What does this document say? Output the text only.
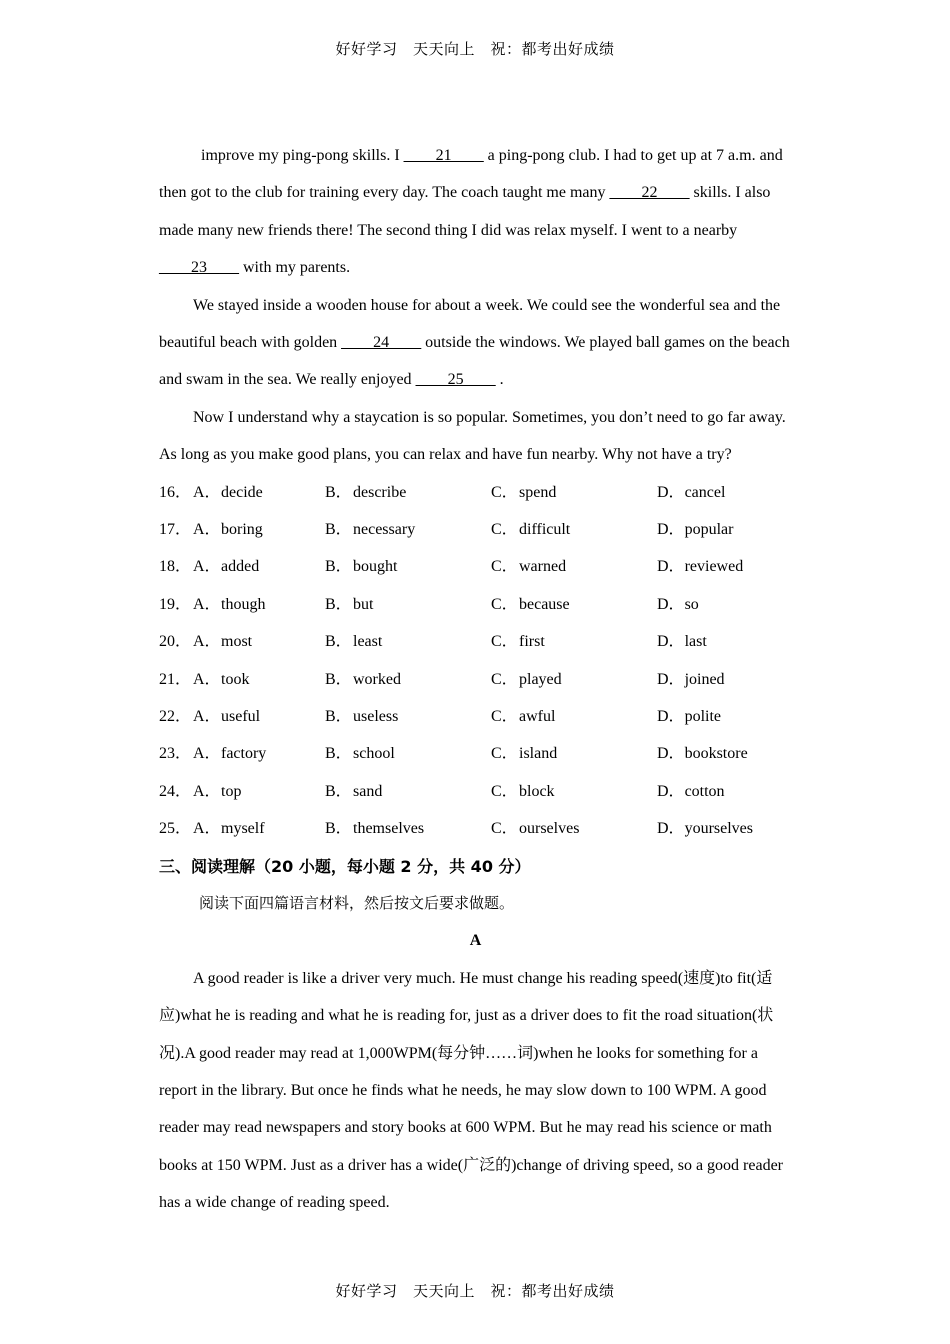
好好学习　天天向上　祝：都考出好成绩

improve my ping-pong skills. I ____21____ a ping-pong club. I had to get up at 7 a.m. and then got to the club for training every day. The coach taught me many ____22____ skills. I also made many new friends there! The second thing I did was relax myself. I went to a nearby ____23____ with my parents.

We stayed inside a wooden house for about a week. We could see the wonderful sea and the beautiful beach with golden ____24____ outside the windows. We played ball games on the beach and swam in the sea. We really enjoyed ____25____ .

Now I understand why a staycation is so popular. Sometimes, you don’t need to go far away. As long as you make good plans, you can relax and have fun nearby. Why not have a try?

16． A．decide	B．describe	C．spend	D．cancel
17． A．boring	B．necessary	C．difficult	D．popular
18． A．added	B．bought	C．warned	D．reviewed
19． A．though	B．but	C．because	D．so
20． A．most	B．least	C．first	D．last
21． A．took	B．worked	C．played	D．joined
22． A．useful	B．useless	C．awful	D．polite
23． A．factory	B．school	C．island	D．bookstore
24． A．top	B．sand	C．block	D．cotton
25． A．myself	B．themselves	C．ourselves	D．yourselves
三、阅读理解（20 小题，每小题 2 分，共 40 分）
阅读下面四篇语言材料，然后按文后要求做题。
A

A good reader is like a driver very much. He must change his reading speed(速度)to fit(适应)what he is reading and what he is reading for, just as a driver does to fit the road situation(状况).A good reader may read at 1,000WPM(每分钟……词)when he looks for something for a report in the library. But once he finds what he needs, he may slow down to 100 WPM. A good reader may read newspapers and story books at 600 WPM. But he may read his science or math books at 150 WPM. Just as a driver has a wide(广泛的)change of driving speed, so a good reader has a wide change of reading speed.

好好学习　天天向上　祝：都考出好成绩
